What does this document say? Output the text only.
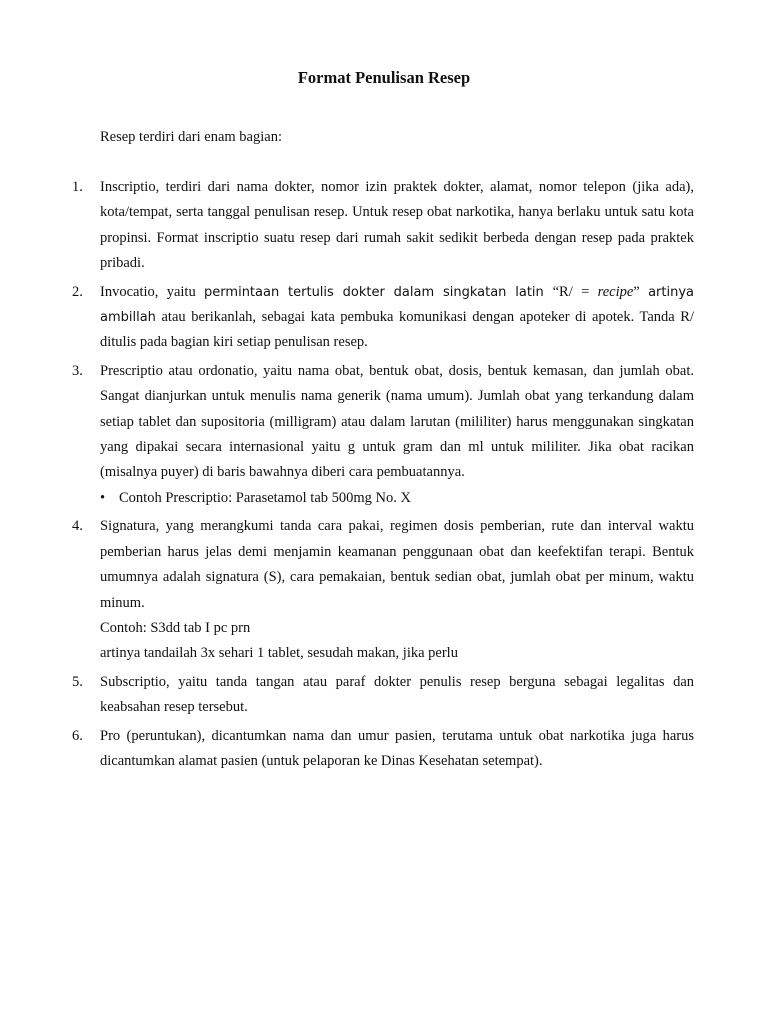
Format Penulisan Resep

Resep terdiri dari enam bagian:

1.	Inscriptio, terdiri dari nama dokter, nomor izin praktek dokter, alamat, nomor telepon (jika ada), kota/tempat, serta tanggal penulisan resep. Untuk resep obat narkotika, hanya berlaku untuk satu kota propinsi. Format inscriptio suatu resep dari rumah sakit sedikit berbeda dengan resep pada praktek pribadi.

2.	Invocatio, yaitu permintaan tertulis dokter dalam singkatan latin “R/ = recipe” artinya ambillah atau berikanlah, sebagai kata pembuka komunikasi dengan apoteker di apotek. Tanda R/ ditulis pada bagian kiri setiap penulisan resep.

3.	Prescriptio atau ordonatio, yaitu nama obat, bentuk obat, dosis, bentuk kemasan, dan jumlah obat. Sangat dianjurkan untuk menulis nama generik (nama umum). Jumlah obat yang terkandung dalam setiap tablet dan supositoria (milligram) atau dalam larutan (mililiter) harus menggunakan singkatan yang dipakai secara internasional yaitu g untuk gram dan ml untuk mililiter. Jika obat racikan (misalnya puyer) di baris bawahnya diberi cara pembuatannya.

• Contoh Prescriptio: Parasetamol tab 500mg No. X
4.	Signatura, yang merangkumi tanda cara pakai, regimen dosis pemberian, rute dan interval waktu pemberian harus jelas demi menjamin keamanan penggunaan obat dan keefektifan terapi. Bentuk umumnya adalah signatura (S), cara pemakaian, bentuk sedian obat, jumlah obat per minum, waktu minum.

Contoh: S3dd tab I pc prn
artinya tandailah 3x sehari 1 tablet, sesudah makan, jika perlu
5.	Subscriptio, yaitu tanda tangan atau paraf dokter penulis resep berguna sebagai legalitas dan keabsahan resep tersebut.

6.	Pro (peruntukan), dicantumkan nama dan umur pasien, terutama untuk obat narkotika juga harus dicantumkan alamat pasien (untuk pelaporan ke Dinas Kesehatan setempat).
